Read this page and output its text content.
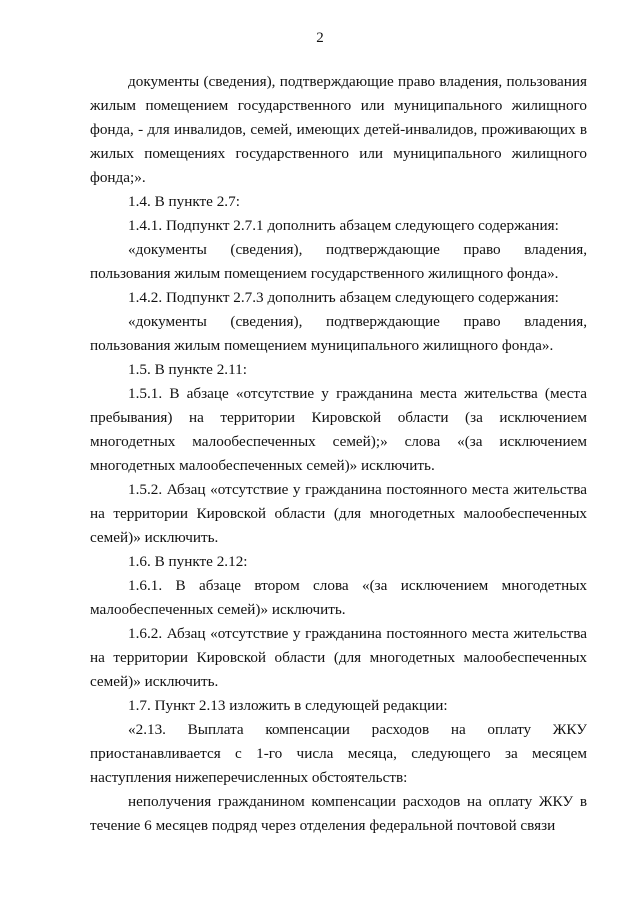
2

документы (сведения), подтверждающие право владения, пользования жилым помещением государственного или муниципального жилищного фонда, - для инвалидов, семей, имеющих детей-инвалидов, проживающих в жилых помещениях государственного или муниципального жилищного фонда;».

1.4. В пункте 2.7:

1.4.1. Подпункт 2.7.1 дополнить абзацем следующего содержания:

«документы (сведения), подтверждающие право владения, пользования жилым помещением государственного жилищного фонда».

1.4.2. Подпункт 2.7.3 дополнить абзацем следующего содержания:

«документы (сведения), подтверждающие право владения, пользования жилым помещением муниципального жилищного фонда».

1.5. В пункте 2.11:

1.5.1. В абзаце «отсутствие у гражданина места жительства (места пребывания) на территории Кировской области (за исключением многодетных малообеспеченных семей);» слова «(за исключением многодетных малообеспеченных семей)» исключить.

1.5.2. Абзац «отсутствие у гражданина постоянного места жительства на территории Кировской области (для многодетных малообеспеченных семей)» исключить.

1.6. В пункте 2.12:

1.6.1. В абзаце втором слова «(за исключением многодетных малообеспеченных семей)» исключить.

1.6.2. Абзац «отсутствие у гражданина постоянного места жительства на территории Кировской области (для многодетных малообеспеченных семей)» исключить.

1.7. Пункт 2.13 изложить в следующей редакции:

«2.13. Выплата компенсации расходов на оплату ЖКУ приостанавливается с 1-го числа месяца, следующего за месяцем наступления нижеперечисленных обстоятельств:

неполучения гражданином компенсации расходов на оплату ЖКУ в течение 6 месяцев подряд через отделения федеральной почтовой связи
